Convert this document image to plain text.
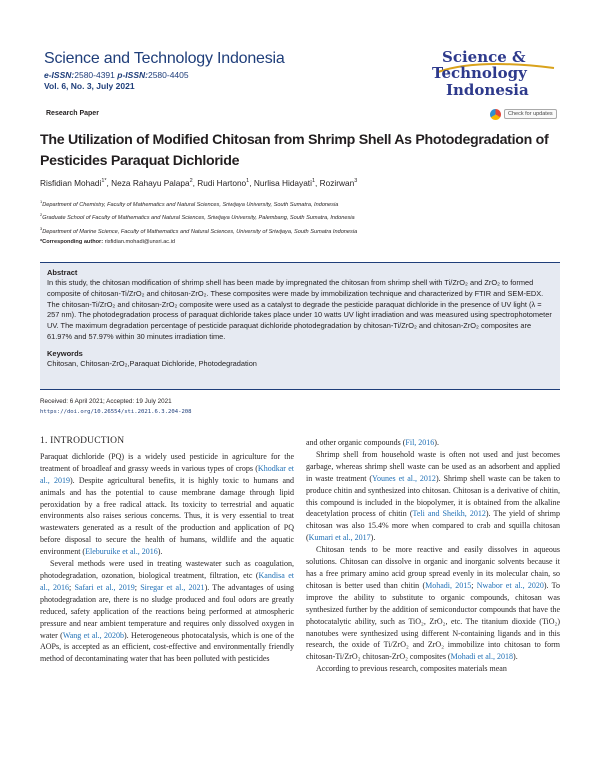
Science and Technology Indonesia
e-ISSN:2580-4391 p-ISSN:2580-4405
Vol. 6, No. 3, July 2021
Science &
Technology
Indonesia
Research Paper	Check for updates
The Utilization of Modified Chitosan from Shrimp Shell As Photodegradation of Pesticides Paraquat Dichloride
Risfidian Mohadi$^{1*}$, Neza Rahayu Palapa$^2$, Rudi Hartono$^1$, Nurlisa Hidayati$^1$, Rozirwan$^3$
$^1$Department of Chemistry, Faculty of Mathematics and Natural Sciences, Sriwijaya University, South Sumatra, Indonesia
$^2$Graduate School of Faculty of Mathematics and Natural Sciences, Sriwijaya University, Palembang, South Sumatra, Indonesia
$^3$Department of Marine Science, Faculty of Mathematics and Natural Sciences, University of Sriwijaya, South Sumatra Indonesia
*Corresponding author: risfidian.mohadi@unsri.ac.id
Abstract
In this study, the chitosan modification of shrimp shell has been made by impregnated the chitosan from shrimp shell with Ti/ZrO₂ and ZrO₂ to formed composite of chitosan-Ti/ZrO₂ and chitosan-ZrO₂. These composites were made by immobilization technique and characterized by FTIR and SEM-EDX. The chitosan-Ti/ZrO₂ and chitosan-ZrO₂ composite were used as a catalyst to degrade the pesticide paraquat dichloride in the presence of UV light (λ = 257 nm). The photodegradation process of paraquat dichloride takes place under 10 watts UV light irradiation and was measured using spectrophotometer UV. The maximum degradation percentage of pesticide paraquat dichloride photodegradation by chitosan-Ti/ZrO₂ and chitosan-ZrO₂ composites are 61.97% and 57.97% within 30 minutes irradiation time.
Keywords
Chitosan, Chitosan-ZrO₂,Paraquat Dichloride, Photodegradation
Received: 6 April 2021; Accepted: 19 July 2021
https://doi.org/10.26554/sti.2021.6.3.204-208
1. INTRODUCTION
Paraquat dichloride (PQ) is a widely used pesticide in agriculture for the treatment of broadleaf and grassy weeds in various types of crops (Khodkar et al., 2019). Despite agricultural benefits, it is highly toxic to humans and animals and has the potential to cause membrane damage through lipid peroxidation by a free radical attack. Its toxicity to terrestrial and aquatic environments also raises serious concerns. Thus, it is very essential to treat wastewaters generated as a result of the production and application of PQ before disposal to secure the health of humans, wildlife and the aquatic environment (Eleburuike et al., 2016).
Several methods were used in treating wastewater such as coagulation, photodegradation, ozonation, biological treatment, filtration, etc (Kandisa et al., 2016; Safari et al., 2019; Siregar et al., 2021). The advantages of using photodegradation are, there is no sludge produced and foul odors are greatly reduced, safety application of the reactions being performed at atmospheric pressure and near ambient temperature and requires only dissolved oxygen in water (Wang et al., 2020b). Heterogeneous photocatalysis, which is one of the AOPs, is accepted as an efficient, cost-effective and environmentally friendly method of decontaminating water that has been polluted with pesticides
and other organic compounds (Fil, 2016).
Shrimp shell from household waste is often not used and just becomes garbage, whereas shrimp shell waste can be used as an adsorbent and applied in waste treatment (Younes et al., 2012). Shrimp shell waste can be taken to produce chitin and synthesized into chitosan. Chitosan is a derivative of chitin, this compound is included in the biopolymer, it is obtained from the alkaline deacetylation process of chitin (Teli and Sheikh, 2012). The yield of shrimp chitosan was also 15.4% more when compared to crab and squilla chitosan (Kumari et al., 2017).
Chitosan tends to be more reactive and easily dissolves in aqueous solutions. Chitosan can dissolve in organic and inorganic solvents because it has a free primary amino acid group spread evenly in its molecular chain, so chitosan is better used than chitin (Mohadi, 2015; Nwabor et al., 2020). To improve the ability to substitute to organic compounds, chitosan was synthesized further by the addition of semiconductor compounds that have the photocatalytic ability, such as TiO₂, ZrO₂, etc. The titanium dioxide (TiO₂) nanotubes were synthesized using different N-containing ligands and in this research, the oxide of Ti/ZrO₂ and ZrO₂ immobilize into chitosan to form chitosan-Ti/ZrO₂ chitosan-ZrO₂ composites (Mohadi et al., 2018).
According to previous research, composites materials mean
